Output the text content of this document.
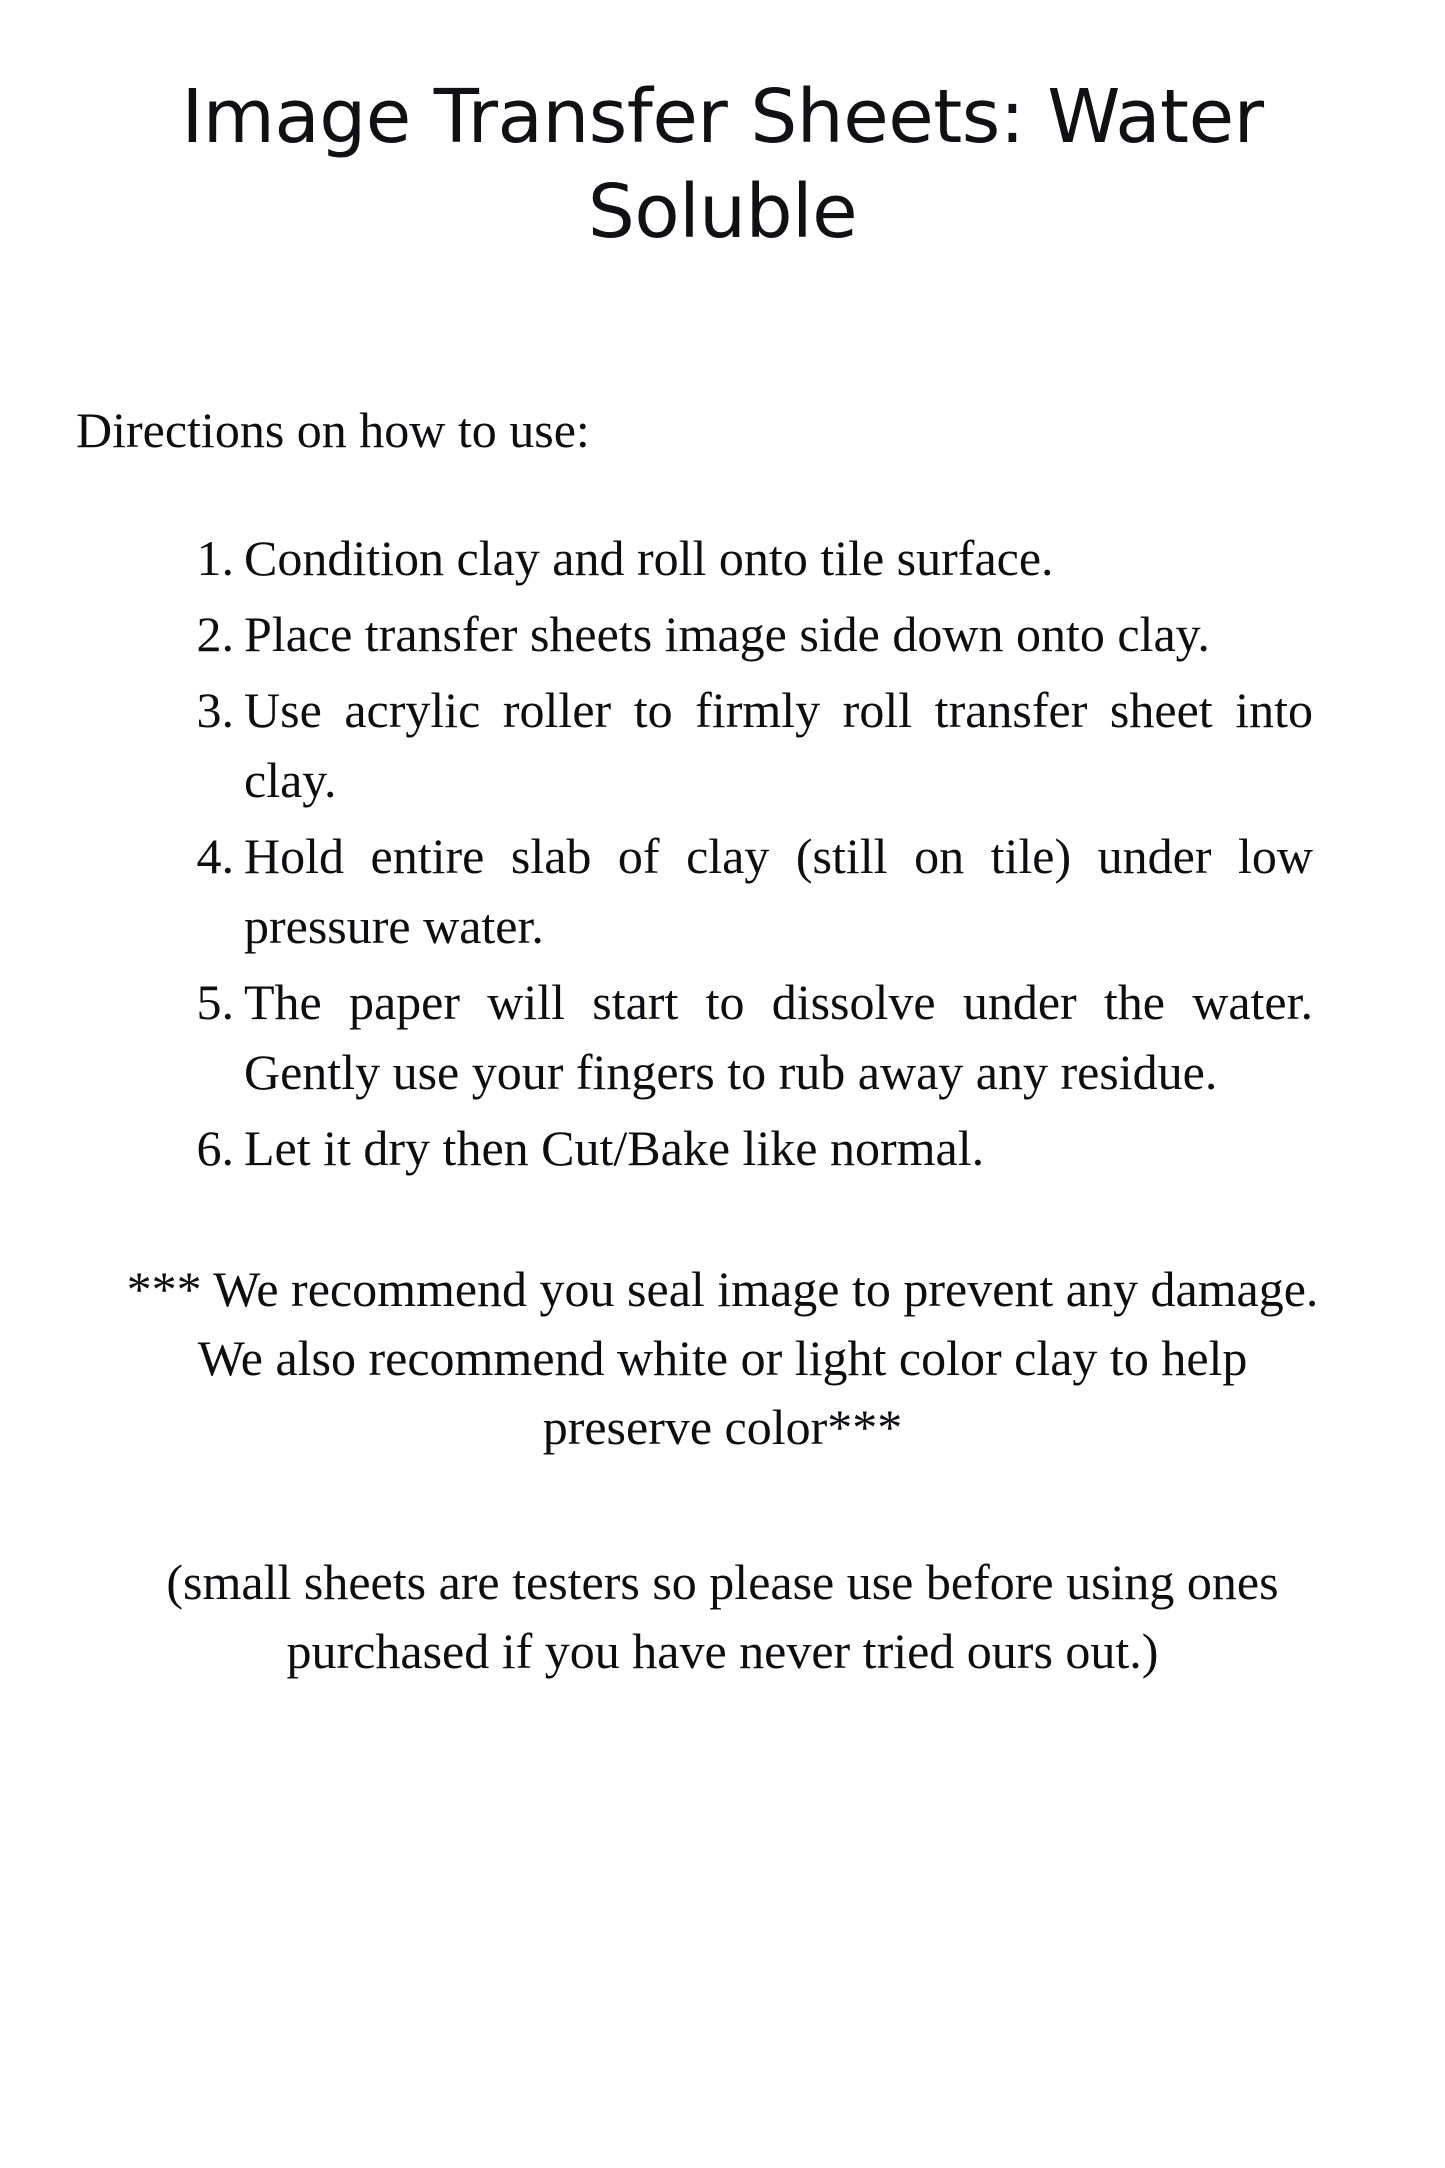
Image Transfer Sheets: Water Soluble

Directions on how to use:

Condition clay and roll onto tile surface.
Place transfer sheets image side down onto clay.
Use acrylic roller to firmly roll transfer sheet into clay.
Hold entire slab of clay (still on tile) under low pressure water.
The paper will start to dissolve under the water. Gently use your fingers to rub away any residue.
Let it dry then Cut/Bake like normal.

*** We recommend you seal image to prevent any damage. We also recommend white or light color clay to help preserve color***

(small sheets are testers so please use before using ones purchased if you have never tried ours out.)
